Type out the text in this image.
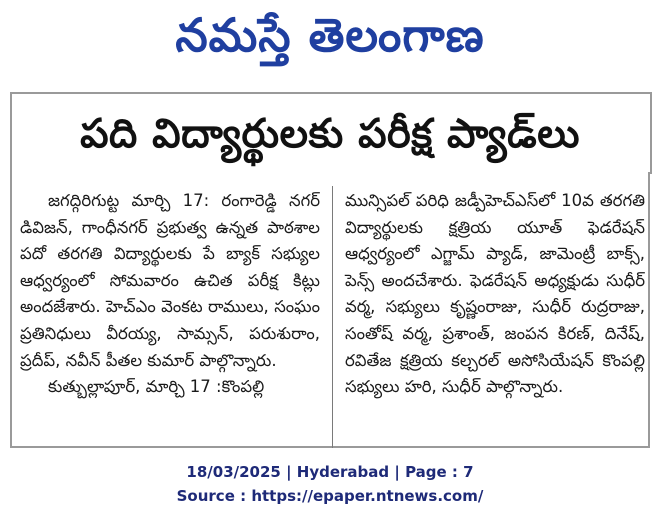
నమస్తే తెలంగాణ
పది విద్యార్థులకు పరీక్ష ప్యాడ్‌లు

జగద్గిరిగుట్ట మార్చి 17: రంగారెడ్డి నగర్ డివిజన్, గాంధీనగర్ ప్రభుత్వ ఉన్నత పాఠశాల పదో తరగతి విద్యార్థులకు పే బ్యాక్ సభ్యుల ఆధ్వర్యంలో సోమవారం ఉచిత పరీక్ష కిట్లు అందజేశారు. హెచ్‌ఎం వెంకట రాములు, సంఘం ప్రతినిధులు వీరయ్య, సామ్సన్, పరుశురాం, ప్రదీప్, నవీన్ పీతల కుమార్ పాల్గొన్నారు.

కుత్బుల్లాపూర్, మార్చి 17 :కొంపల్లి

మున్సిపల్ పరిధి జడ్పీహెచ్‌ఎస్‌లో 10వ తరగతి విద్యార్థులకు క్షత్రియ యూత్ ఫెడరేషన్ ఆధ్వర్యంలో ఎగ్జామ్ ప్యాడ్, జామెంట్రీ బాక్స్, పెన్స్ అందచేశారు. ఫెడరేషన్ అధ్యక్షుడు సుధీర్ వర్మ, సభ్యులు కృష్ణంరాజు, సుధీర్ రుద్రరాజు, సంతోష్ వర్మ, ప్రశాంత్, జంపన కిరణ్, దినేష్, రవితేజ క్షత్రియ కల్చరల్ అసోసియేషన్ కొంపల్లి సభ్యులు హరి, సుధీర్ పాల్గొన్నారు.

18/03/2025 | Hyderabad | Page : 7
Source : https://epaper.ntnews.com/
